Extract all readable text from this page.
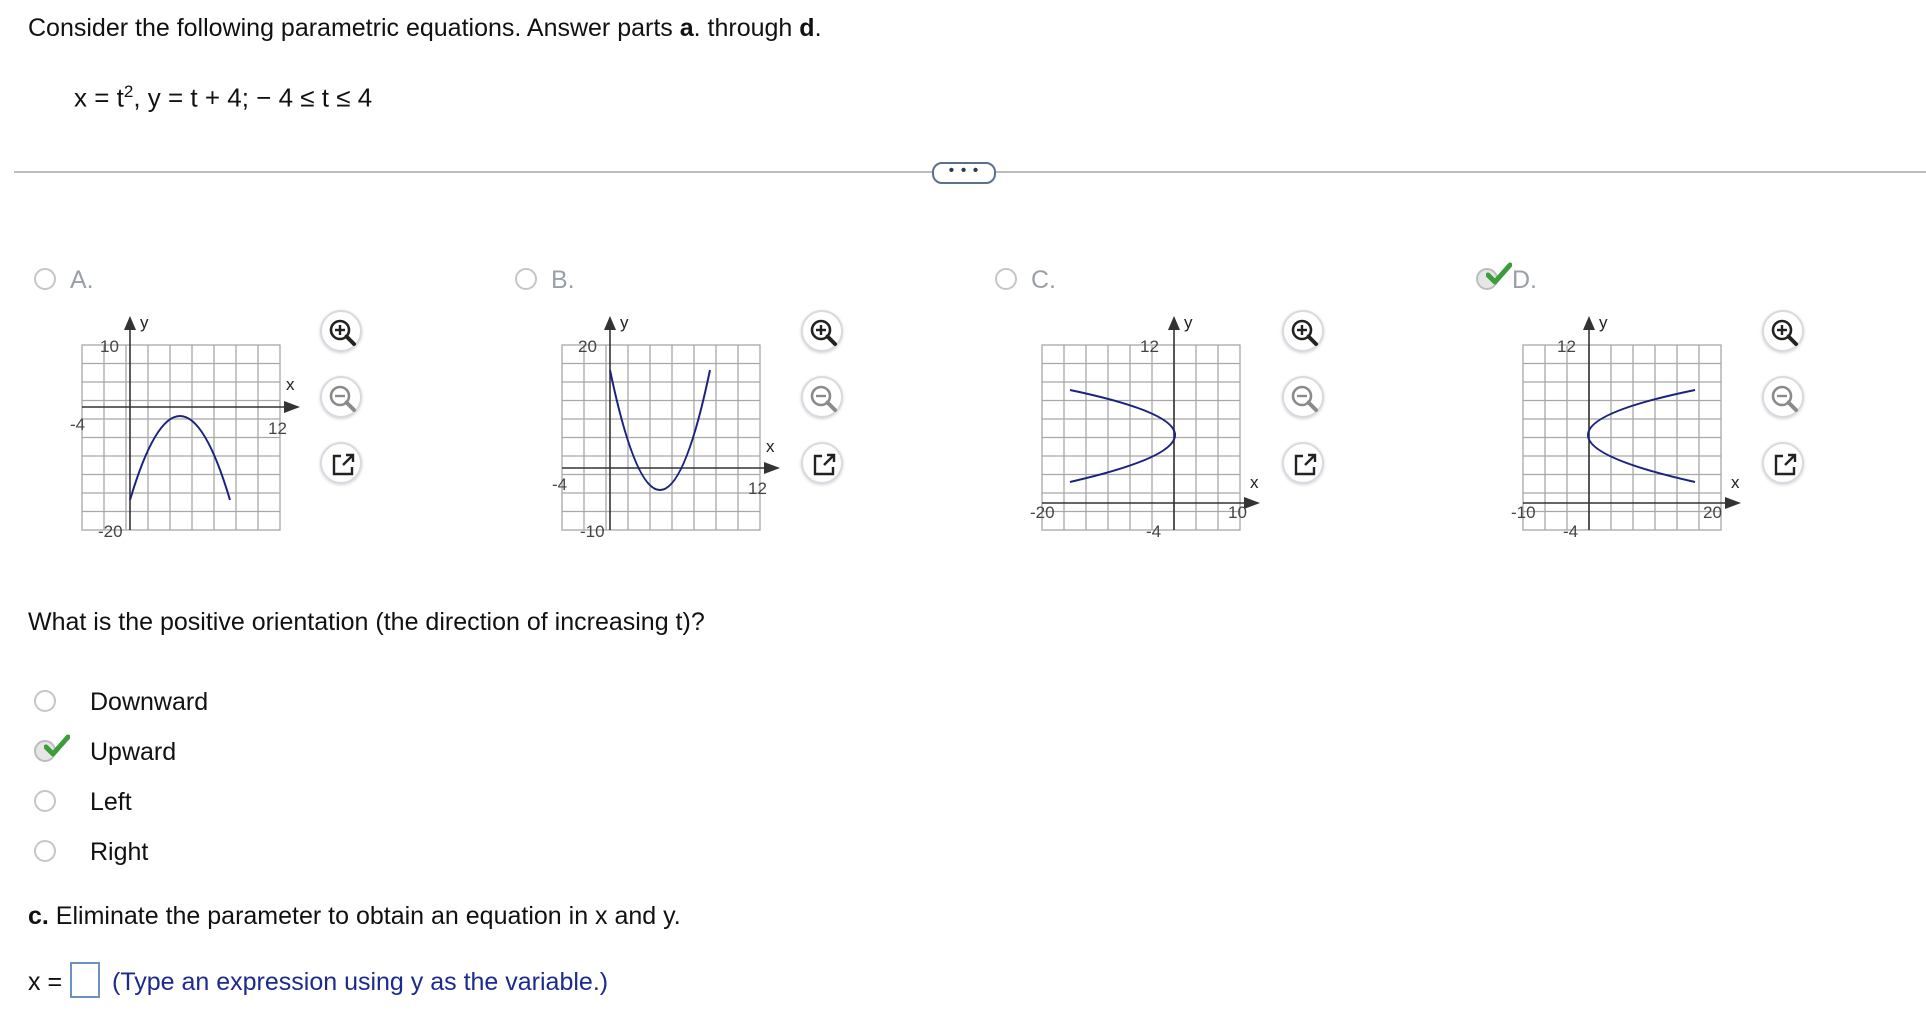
Consider the following parametric equations. Answer parts a. through d.
$x = t^2$, y = t + 4; − 4 ≤ t ≤ 4
• • •
A.
y
x
10
-20
-4	12
B.
y
x
20
-10
-4	12
C.
y
x
12
-4
-20	10
D.
y
x
12
-4
-10	20
What is the positive orientation (the direction of increasing t)?
Downward
Upward
Left
Right
c. Eliminate the parameter to obtain an equation in x and y.
x = (Type an expression using y as the variable.)
